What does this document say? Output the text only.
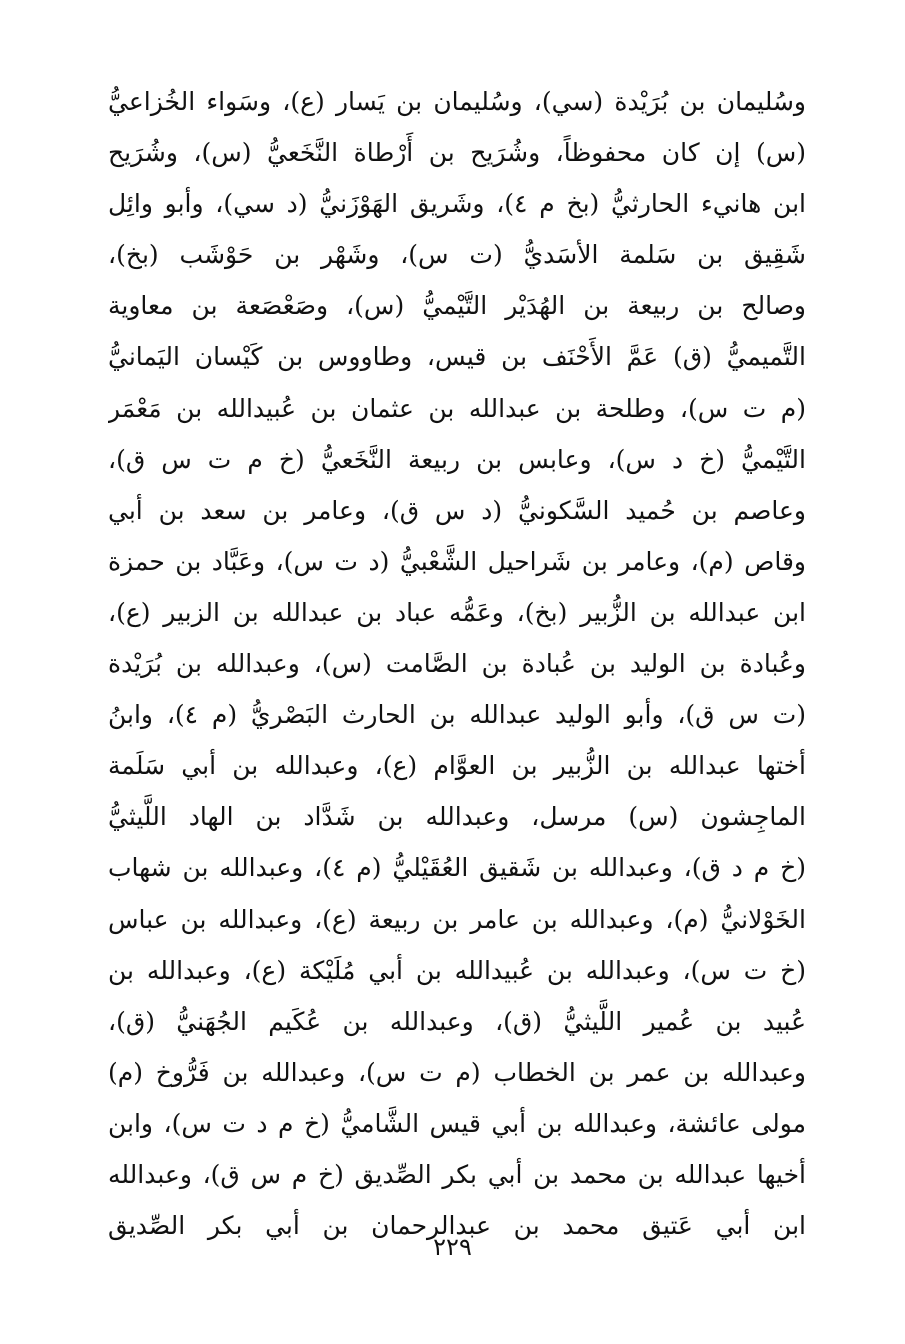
وسُليمان بن بُرَيْدة (سي)، وسُليمان بن يَسار (ع)، وسَواء الخُزاعيُّ
(س) إن كان محفوظاً، وشُرَيح بن أَرْطاة النَّخَعيُّ (س)، وشُرَيح
ابن هانيء الحارثيُّ (بخ م ٤)، وشَريق الهَوْزَنيُّ (د سي)، وأبو وائِل
شَقِيق بن سَلمة الأسَديُّ (ت س)، وشَهْر بن حَوْشَب (بخ)،
وصالح بن ربيعة بن الهُدَيْر التَّيْميُّ (س)، وصَعْصَعة بن معاوية
التَّميميُّ (ق) عَمَّ الأَحْنَف بن قيس، وطاووس بن كَيْسان اليَمانيُّ
(م ت س)، وطلحة بن عبدالله بن عثمان بن عُبيدالله بن مَعْمَر
التَّيْميُّ (خ د س)، وعابس بن ربيعة النَّخَعيُّ (خ م ت س ق)،
وعاصم بن حُميد السَّكونيُّ (د س ق)، وعامر بن سعد بن أبي
وقاص (م)، وعامر بن شَراحيل الشَّعْبيُّ (د ت س)، وعَبَّاد بن حمزة
ابن عبدالله بن الزُّبير (بخ)، وعَمُّه عباد بن عبدالله بن الزبير (ع)،
وعُبادة بن الوليد بن عُبادة بن الصَّامت (س)، وعبدالله بن بُرَيْدة
(ت س ق)، وأبو الوليد عبدالله بن الحارث البَصْريُّ (م ٤)، وابنُ
أختها عبدالله بن الزُّبير بن العوَّام (ع)، وعبدالله بن أبي سَلَمة
الماجِشون (س) مرسل، وعبدالله بن شَدَّاد بن الهاد اللَّيثيُّ
(خ م د ق)، وعبدالله بن شَقيق العُقَيْليُّ (م ٤)، وعبدالله بن شهاب
الخَوْلانيُّ (م)، وعبدالله بن عامر بن ربيعة (ع)، وعبدالله بن عباس
(خ ت س)، وعبدالله بن عُبيدالله بن أبي مُلَيْكة (ع)، وعبدالله بن
عُبيد بن عُمير اللَّيثيُّ (ق)، وعبدالله بن عُكَيم الجُهَنيُّ (ق)،
وعبدالله بن عمر بن الخطاب (م ت س)، وعبدالله بن فَرُّوخ (م)
مولى عائشة، وعبدالله بن أبي قيس الشَّاميُّ (خ م د ت س)، وابن
أخيها عبدالله بن محمد بن أبي بكر الصِّديق (خ م س ق)، وعبدالله
ابن أبي عَتيق محمد بن عبدالرحمان بن أبي بكر الصِّديق
٢٢٩
